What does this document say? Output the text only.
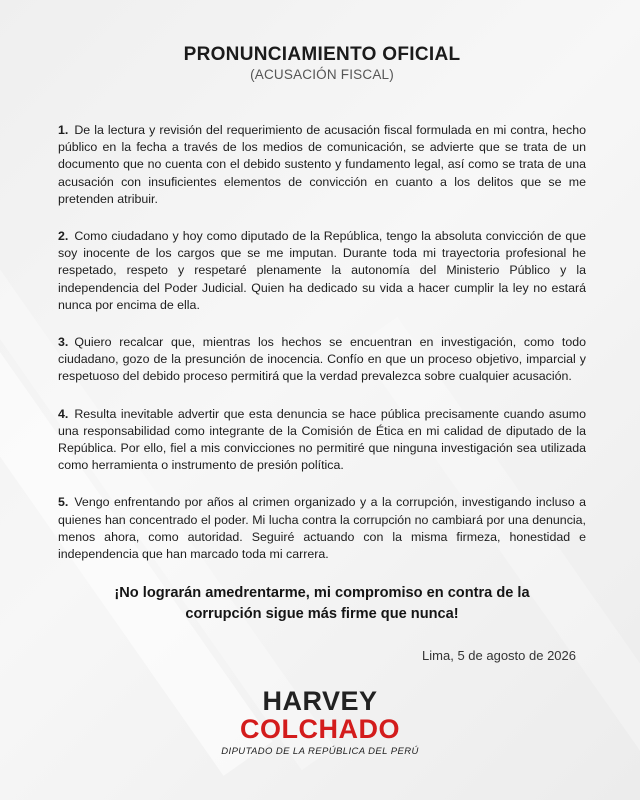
PRONUNCIAMIENTO OFICIAL
(ACUSACIÓN FISCAL)

1. De la lectura y revisión del requerimiento de acusación fiscal formulada en mi contra, hecho público en la fecha a través de los medios de comunicación, se advierte que se trata de un documento que no cuenta con el debido sustento y fundamento legal, así como se trata de una acusación con insuficientes elementos de convicción en cuanto a los delitos que se me pretenden atribuir.

2. Como ciudadano y hoy como diputado de la República, tengo la absoluta convicción de que soy inocente de los cargos que se me imputan. Durante toda mi trayectoria profesional he respetado, respeto y respetaré plenamente la autonomía del Ministerio Público y la independencia del Poder Judicial. Quien ha dedicado su vida a hacer cumplir la ley no estará nunca por encima de ella.

3. Quiero recalcar que, mientras los hechos se encuentran en investigación, como todo ciudadano, gozo de la presunción de inocencia. Confío en que un proceso objetivo, imparcial y respetuoso del debido proceso permitirá que la verdad prevalezca sobre cualquier acusación.

4. Resulta inevitable advertir que esta denuncia se hace pública precisamente cuando asumo una responsabilidad como integrante de la Comisión de Ética en mi calidad de diputado de la República. Por ello, fiel a mis convicciones no permitiré que ninguna investigación sea utilizada como herramienta o instrumento de presión política.

5. Vengo enfrentando por años al crimen organizado y a la corrupción, investigando incluso a quienes han concentrado el poder. Mi lucha contra la corrupción no cambiará por una denuncia, menos ahora, como autoridad. Seguiré actuando con la misma firmeza, honestidad e independencia que han marcado toda mi carrera.

¡No lograrán amedrentarme, mi compromiso en contra de la
corrupción sigue más firme que nunca!
Lima, 5 de agosto de 2026
HARVEY
COLCHADO
DIPUTADO DE LA REPÚBLICA DEL PERÚ
